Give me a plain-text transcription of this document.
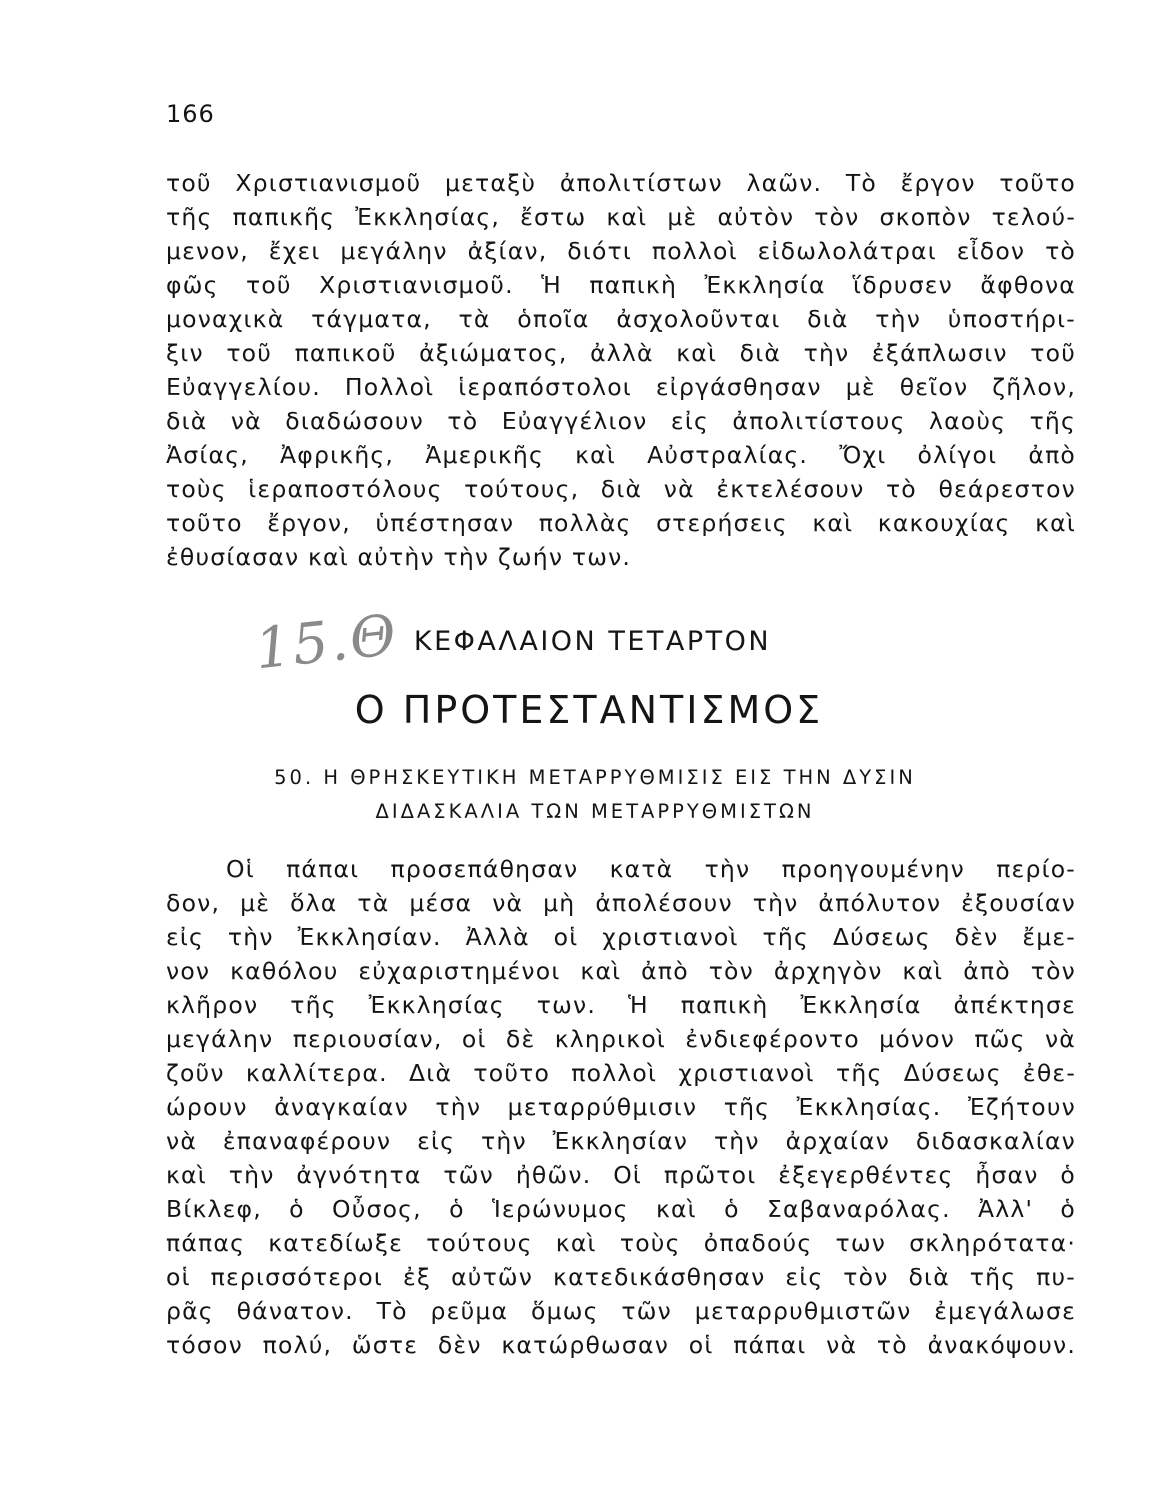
166
τοῦ Χριστιανισμοῦ μεταξὺ ἀπολιτίστων λαῶν. Τὸ ἔργον τοῦτο
τῆς παπικῆς Ἐκκλησίας, ἔστω καὶ μὲ αὐτὸν τὸν σκοπὸν τελού-
μενον, ἔχει μεγάλην ἀξίαν, διότι πολλοὶ εἰδωλολάτραι εἶδον τὸ
φῶς τοῦ Χριστιανισμοῦ. Ἡ παπικὴ Ἐκκλησία ἵδρυσεν ἄφθονα
μοναχικὰ τάγματα, τὰ ὁποῖα ἀσχολοῦνται διὰ τὴν ὑποστήρι-
ξιν τοῦ παπικοῦ ἀξιώματος, ἀλλὰ καὶ διὰ τὴν ἐξάπλωσιν τοῦ
Εὐαγγελίου. Πολλοὶ ἱεραπόστολοι εἰργάσθησαν μὲ θεῖον ζῆλον,
διὰ νὰ διαδώσουν τὸ Εὐαγγέλιον εἰς ἀπολιτίστους λαοὺς τῆς
Ἀσίας, Ἀφρικῆς, Ἀμερικῆς καὶ Αὐστραλίας. Ὄχι ὀλίγοι ἀπὸ
τοὺς ἱεραποστόλους τούτους, διὰ νὰ ἐκτελέσουν τὸ θεάρεστον
τοῦτο ἔργον, ὑπέστησαν πολλὰς στερήσεις καὶ κακουχίας καὶ
ἐθυσίασαν καὶ αὐτὴν τὴν ζωήν των.
15.Θ ΚΕΦΑΛΑΙΟΝ ΤΕΤΑΡΤΟΝ
Ο ΠΡΟΤΕΣΤΑΝΤΙΣΜΟΣ
50. Η ΘΡΗΣΚΕΥΤΙΚΗ ΜΕΤΑΡΡΥΘΜΙΣΙΣ ΕΙΣ ΤΗΝ ΔΥΣΙΝ
ΔΙΔΑΣΚΑΛΙΑ ΤΩΝ ΜΕΤΑΡΡΥΘΜΙΣΤΩΝ
Οἱ πάπαι προσεπάθησαν κατὰ τὴν προηγουμένην περίο-
δον, μὲ ὅλα τὰ μέσα νὰ μὴ ἀπολέσουν τὴν ἀπόλυτον ἐξουσίαν
εἰς τὴν Ἐκκλησίαν. Ἀλλὰ οἱ χριστιανοὶ τῆς Δύσεως δὲν ἔμε-
νον καθόλου εὐχαριστημένοι καὶ ἀπὸ τὸν ἀρχηγὸν καὶ ἀπὸ τὸν
κλῆρον τῆς Ἐκκλησίας των. Ἡ παπικὴ Ἐκκλησία ἀπέκτησε
μεγάλην περιουσίαν, οἱ δὲ κληρικοὶ ἐνδιεφέροντο μόνον πῶς νὰ
ζοῦν καλλίτερα. Διὰ τοῦτο πολλοὶ χριστιανοὶ τῆς Δύσεως ἐθε-
ώρουν ἀναγκαίαν τὴν μεταρρύθμισιν τῆς Ἐκκλησίας. Ἐζήτουν
νὰ ἐπαναφέρουν εἰς τὴν Ἐκκλησίαν τὴν ἀρχαίαν διδασκαλίαν
καὶ τὴν ἀγνότητα τῶν ἠθῶν. Οἱ πρῶτοι ἐξεγερθέντες ἦσαν ὁ
Βίκλεφ, ὁ Οὖσος, ὁ Ἱερώνυμος καὶ ὁ Σαβαναρόλας. Ἀλλ' ὁ
πάπας κατεδίωξε τούτους καὶ τοὺς ὀπαδούς των σκληρότατα·
οἱ περισσότεροι ἐξ αὐτῶν κατεδικάσθησαν εἰς τὸν διὰ τῆς πυ-
ρᾶς θάνατον. Τὸ ρεῦμα ὅμως τῶν μεταρρυθμιστῶν ἐμεγάλωσε
τόσον πολύ, ὥστε δὲν κατώρθωσαν οἱ πάπαι νὰ τὸ ἀνακόψουν.
